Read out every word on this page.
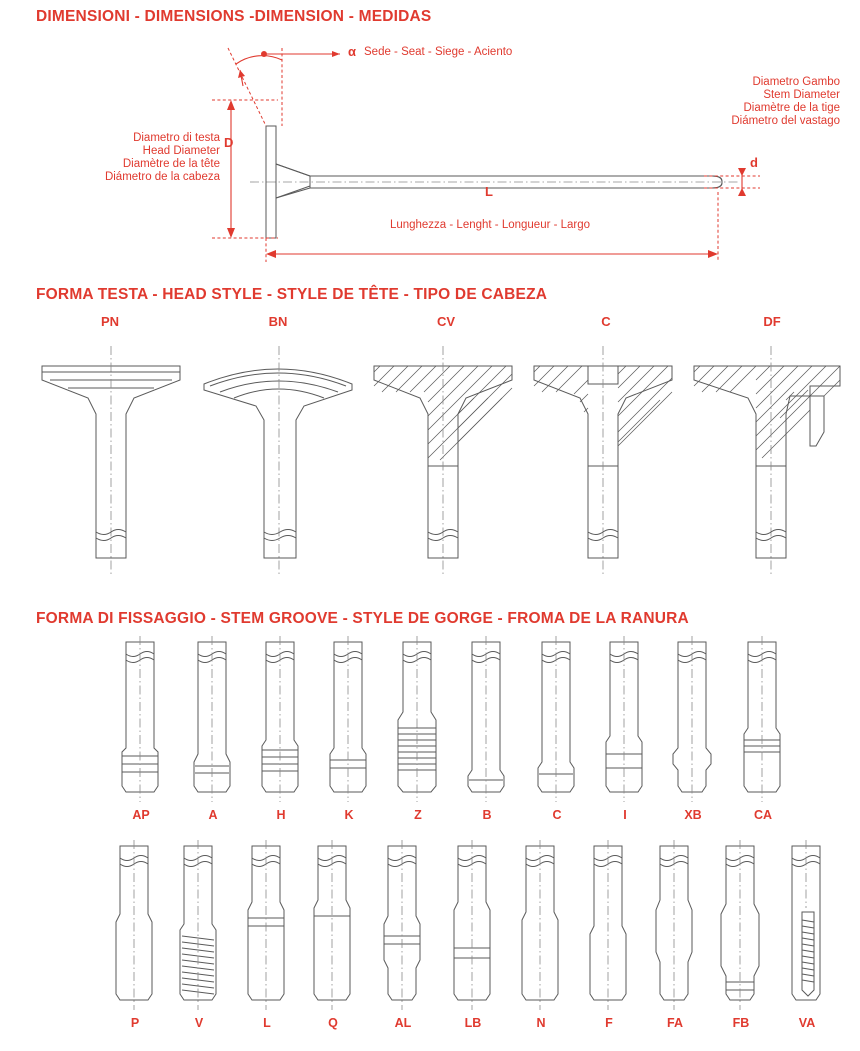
DIMENSIONI - DIMENSIONS -DIMENSION - MEDIDAS
α Sede - Seat - Siege - Aciento
Diametro di testa
Head Diameter
Diamètre de la tête
Diámetro de la cabeza
D
Diametro Gambo
Stem Diameter
Diamètre de la tige
Diámetro del vastago
d
L
Lunghezza - Lenght - Longueur - Largo
FORMA TESTA - HEAD STYLE - STYLE DE TÊTE - TIPO DE CABEZA
PN	BN	CV	C	DF
FORMA DI FISSAGGIO - STEM GROOVE - STYLE DE GORGE - FROMA DE LA RANURA
AP	A	H	K	Z	B	C	I	XB	CA
P	V	L	Q	AL	LB	N	F	FA	FB	VA
